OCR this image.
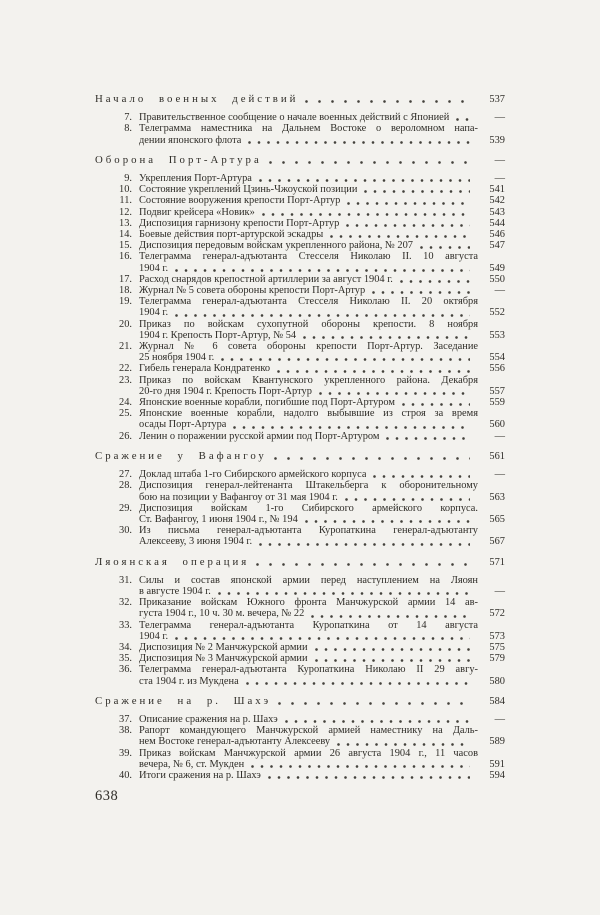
Начало военных действий	537
7. Правительственное сообщение о начале военных действий с Японией	—
8. Телеграмма наместника на Дальнем Востоке о вероломном напа-
дении японского флота	539
Оборона Порт-Артура	—
9. Укрепления Порт-Артура	—
10. Состояние укреплений Цзинь-Чжоуской позиции	541
11. Состояние вооружения крепости Порт-Артур	542
12. Подвиг крейсера «Новик»	543
13. Диспозиция гарнизону крепости Порт-Артур	544
14. Боевые действия порт-артурской эскадры	546
15. Диспозиция передовым войскам укрепленного района, № 207	547
16. Телеграмма генерал-адъютанта Стесселя Николаю II. 10 августа
1904 г.	549
17. Расход снарядов крепостной артиллерии за август 1904 г.	550
18. Журнал № 5 совета обороны крепости Порт-Артур	—
19. Телеграмма генерал-адъютанта Стесселя Николаю II. 20 октября
1904 г.	552
20. Приказ по войскам сухопутной обороны крепости. 8 ноября
1904 г. Крепость Порт-Артур, № 54	553
21. Журнал № 6 совета обороны крепости Порт-Артур. Заседание
25 ноября 1904 г.	554
22. Гибель генерала Кондратенко	556
23. Приказ по войскам Квантунского укрепленного района. Декабря
20-го дня 1904 г. Крепость Порт-Артур	557
24. Японские военные корабли, погибшие под Порт-Артуром	559
25. Японские военные корабли, надолго выбывшие из строя за время
осады Порт-Артура	560
26. Ленин о поражении русской армии под Порт-Артуром	—
Сражение у Вафангоу	561
27. Доклад штаба 1-го Сибирского армейского корпуса	—
28. Диспозиция генерал-лейтенанта Штакельберга к оборонительному
бою на позиции у Вафангоу от 31 мая 1904 г.	563
29. Диспозиция войскам 1-го Сибирского армейского корпуса.
Ст. Вафангоу, 1 июня 1904 г., № 194	565
30. Из письма генерал-адъютанта Куропаткина генерал-адъютанту
Алексееву, 3 июня 1904 г.	567
Ляоянская операция	571
31. Силы и состав японской армии перед наступлением на Ляоян
в августе 1904 г.	—
32. Приказание войскам Южного фронта Манчжурской армии 14 ав-
густа 1904 г., 10 ч. 30 м. вечера, № 22	572
33. Телеграмма генерал-адъютанта Куропаткина от 14 августа
1904 г.	573
34. Диспозиция № 2 Манчжурской армии	575
35. Диспозиция № 3 Манчжурской армии	579
36. Телеграмма генерал-адъютанта Куропаткина Николаю II 29 авгу-
ста 1904 г. из Мукдена	580
Сражение на р. Шахэ	584
37. Описание сражения на р. Шахэ	—
38. Рапорт командующего Манчжурской армией наместнику на Даль-
нем Востоке генерал-адъютанту Алексееву	589
39. Приказ войскам Манчжурской армии 26 августа 1904 г., 11 часов
вечера, № 6, ст. Мукден	591
40. Итоги сражения на р. Шахэ	594
638
